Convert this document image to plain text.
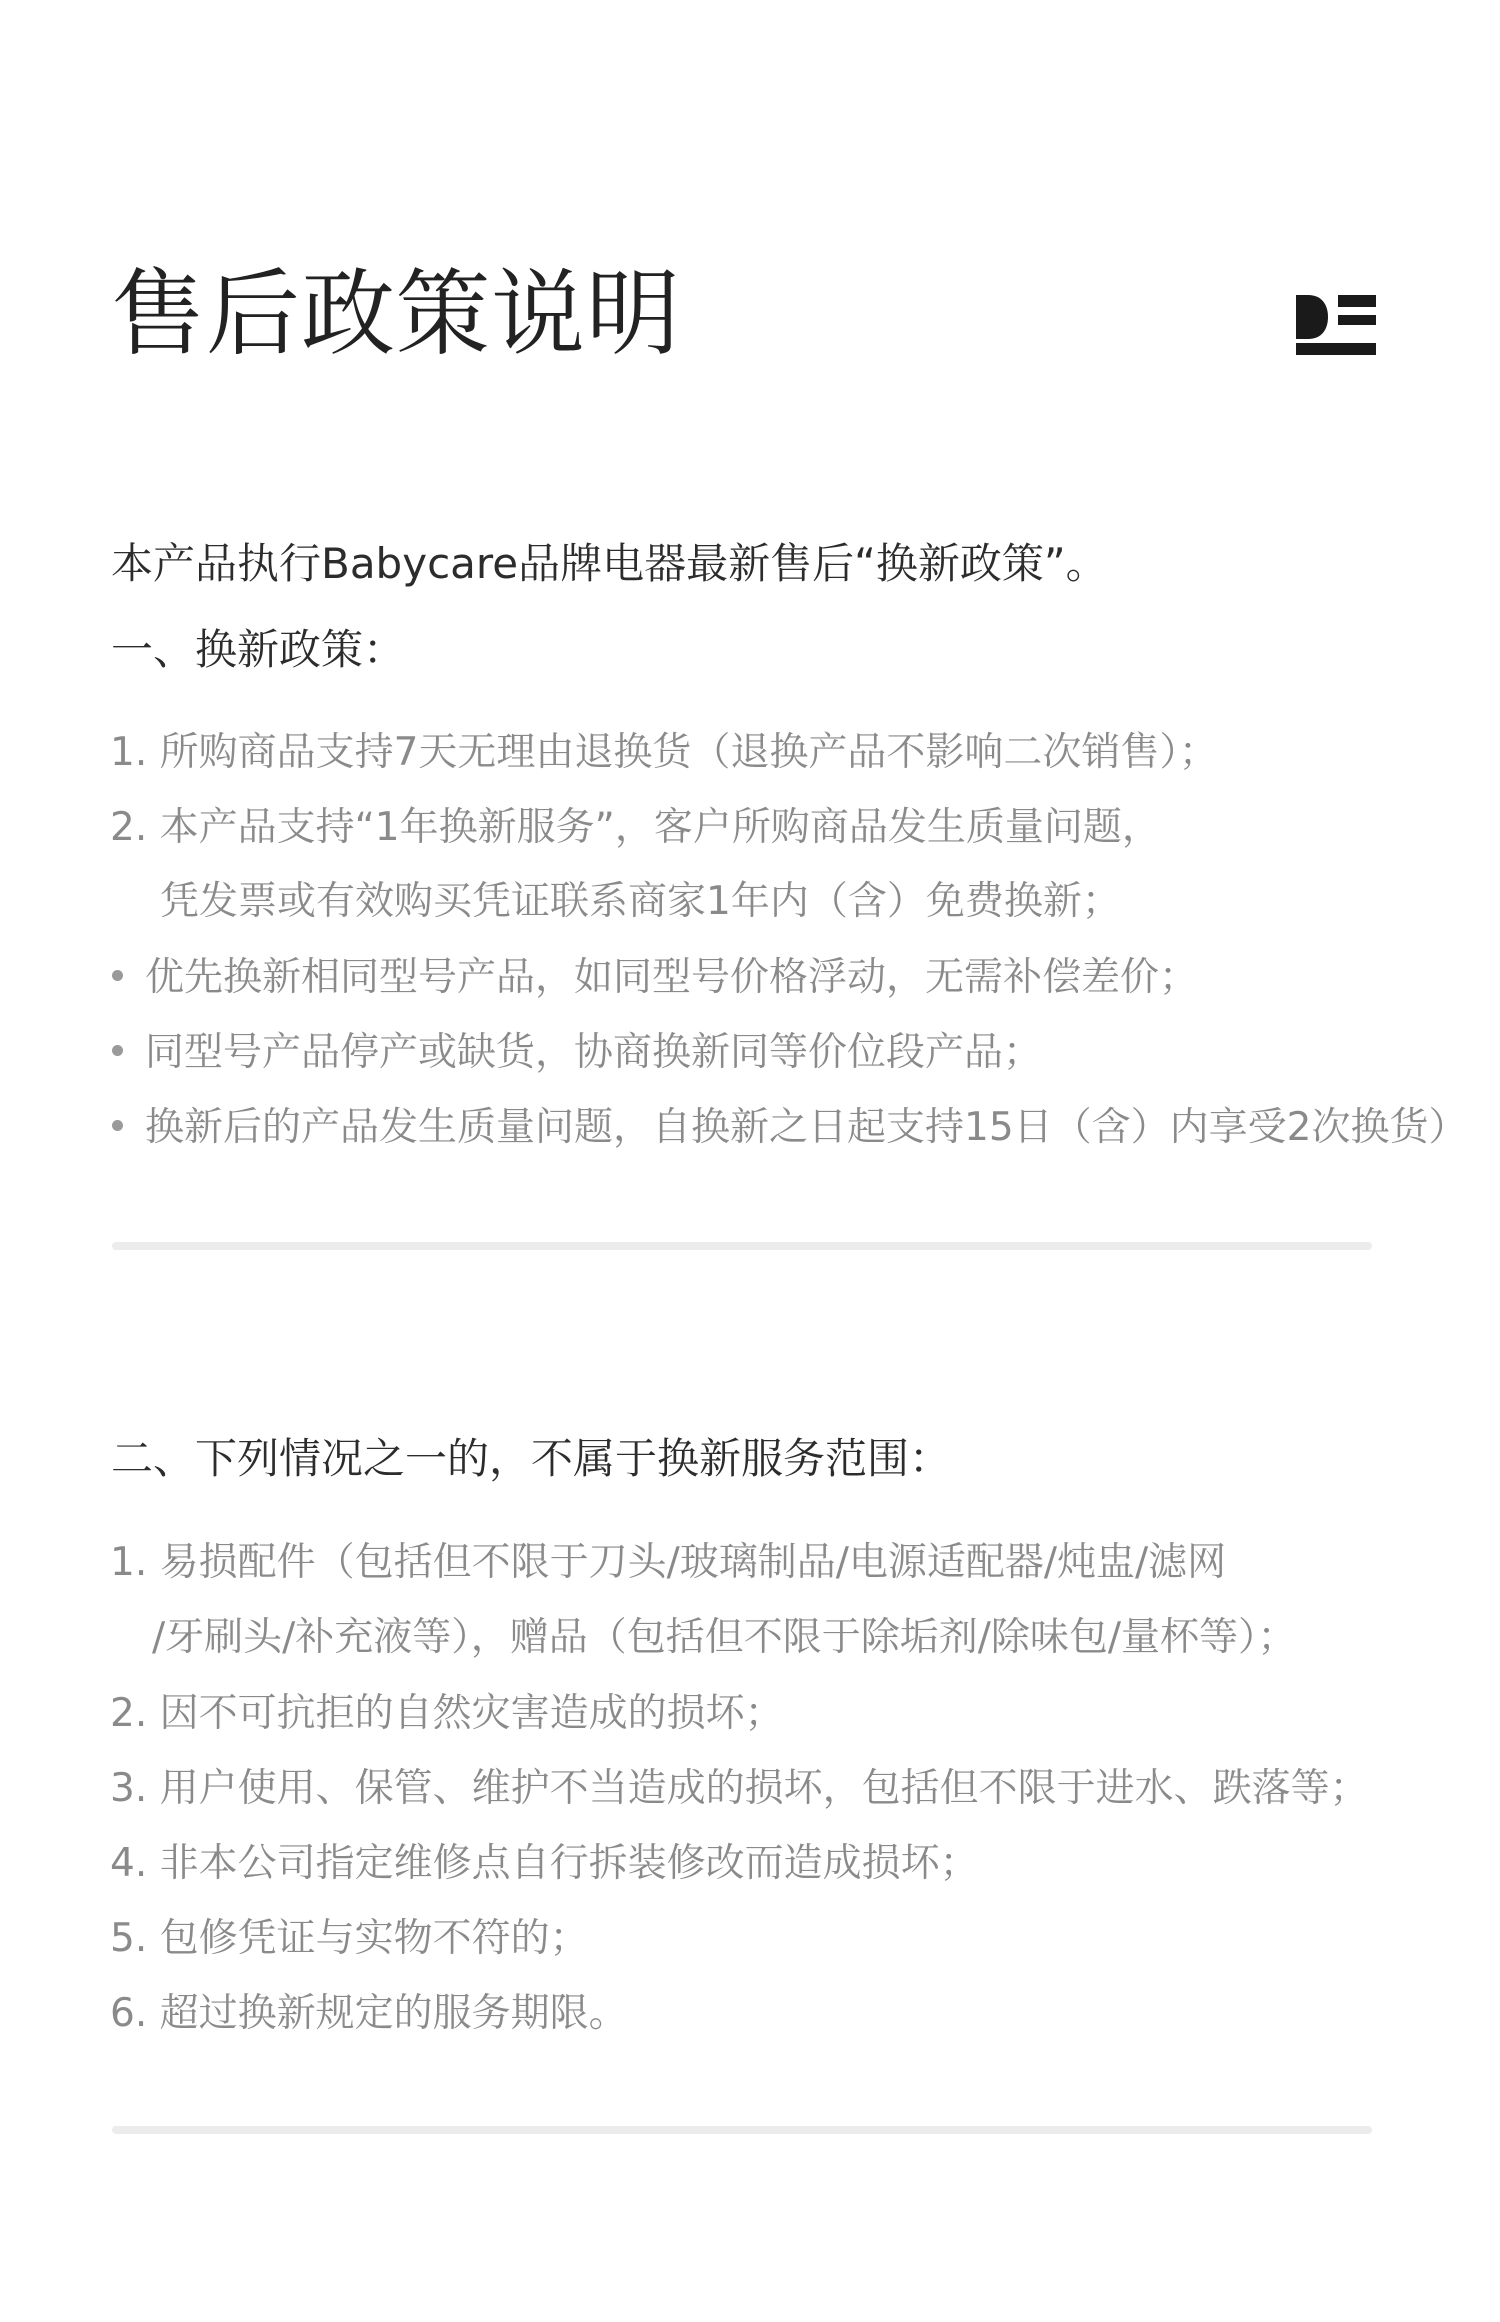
售后政策说明
本产品执行Babycare品牌电器最新售后“换新政策”。
一、换新政策：
1. 所购商品支持7天无理由退换货（退换产品不影响二次销售）；
2. 本产品支持“1年换新服务”，客户所购商品发生质量问题，
凭发票或有效购买凭证联系商家1年内（含）免费换新；
优先换新相同型号产品，如同型号价格浮动，无需补偿差价；
同型号产品停产或缺货，协商换新同等价位段产品；
换新后的产品发生质量问题，自换新之日起支持15日（含）内享受2次换货）
二、下列情况之一的，不属于换新服务范围：
1. 易损配件（包括但不限于刀头/玻璃制品/电源适配器/炖盅/滤网
/牙刷头/补充液等），赠品（包括但不限于除垢剂/除味包/量杯等）；
2. 因不可抗拒的自然灾害造成的损坏；
3. 用户使用、保管、维护不当造成的损坏，包括但不限于进水、跌落等；
4. 非本公司指定维修点自行拆装修改而造成损坏；
5. 包修凭证与实物不符的；
6. 超过换新规定的服务期限。
